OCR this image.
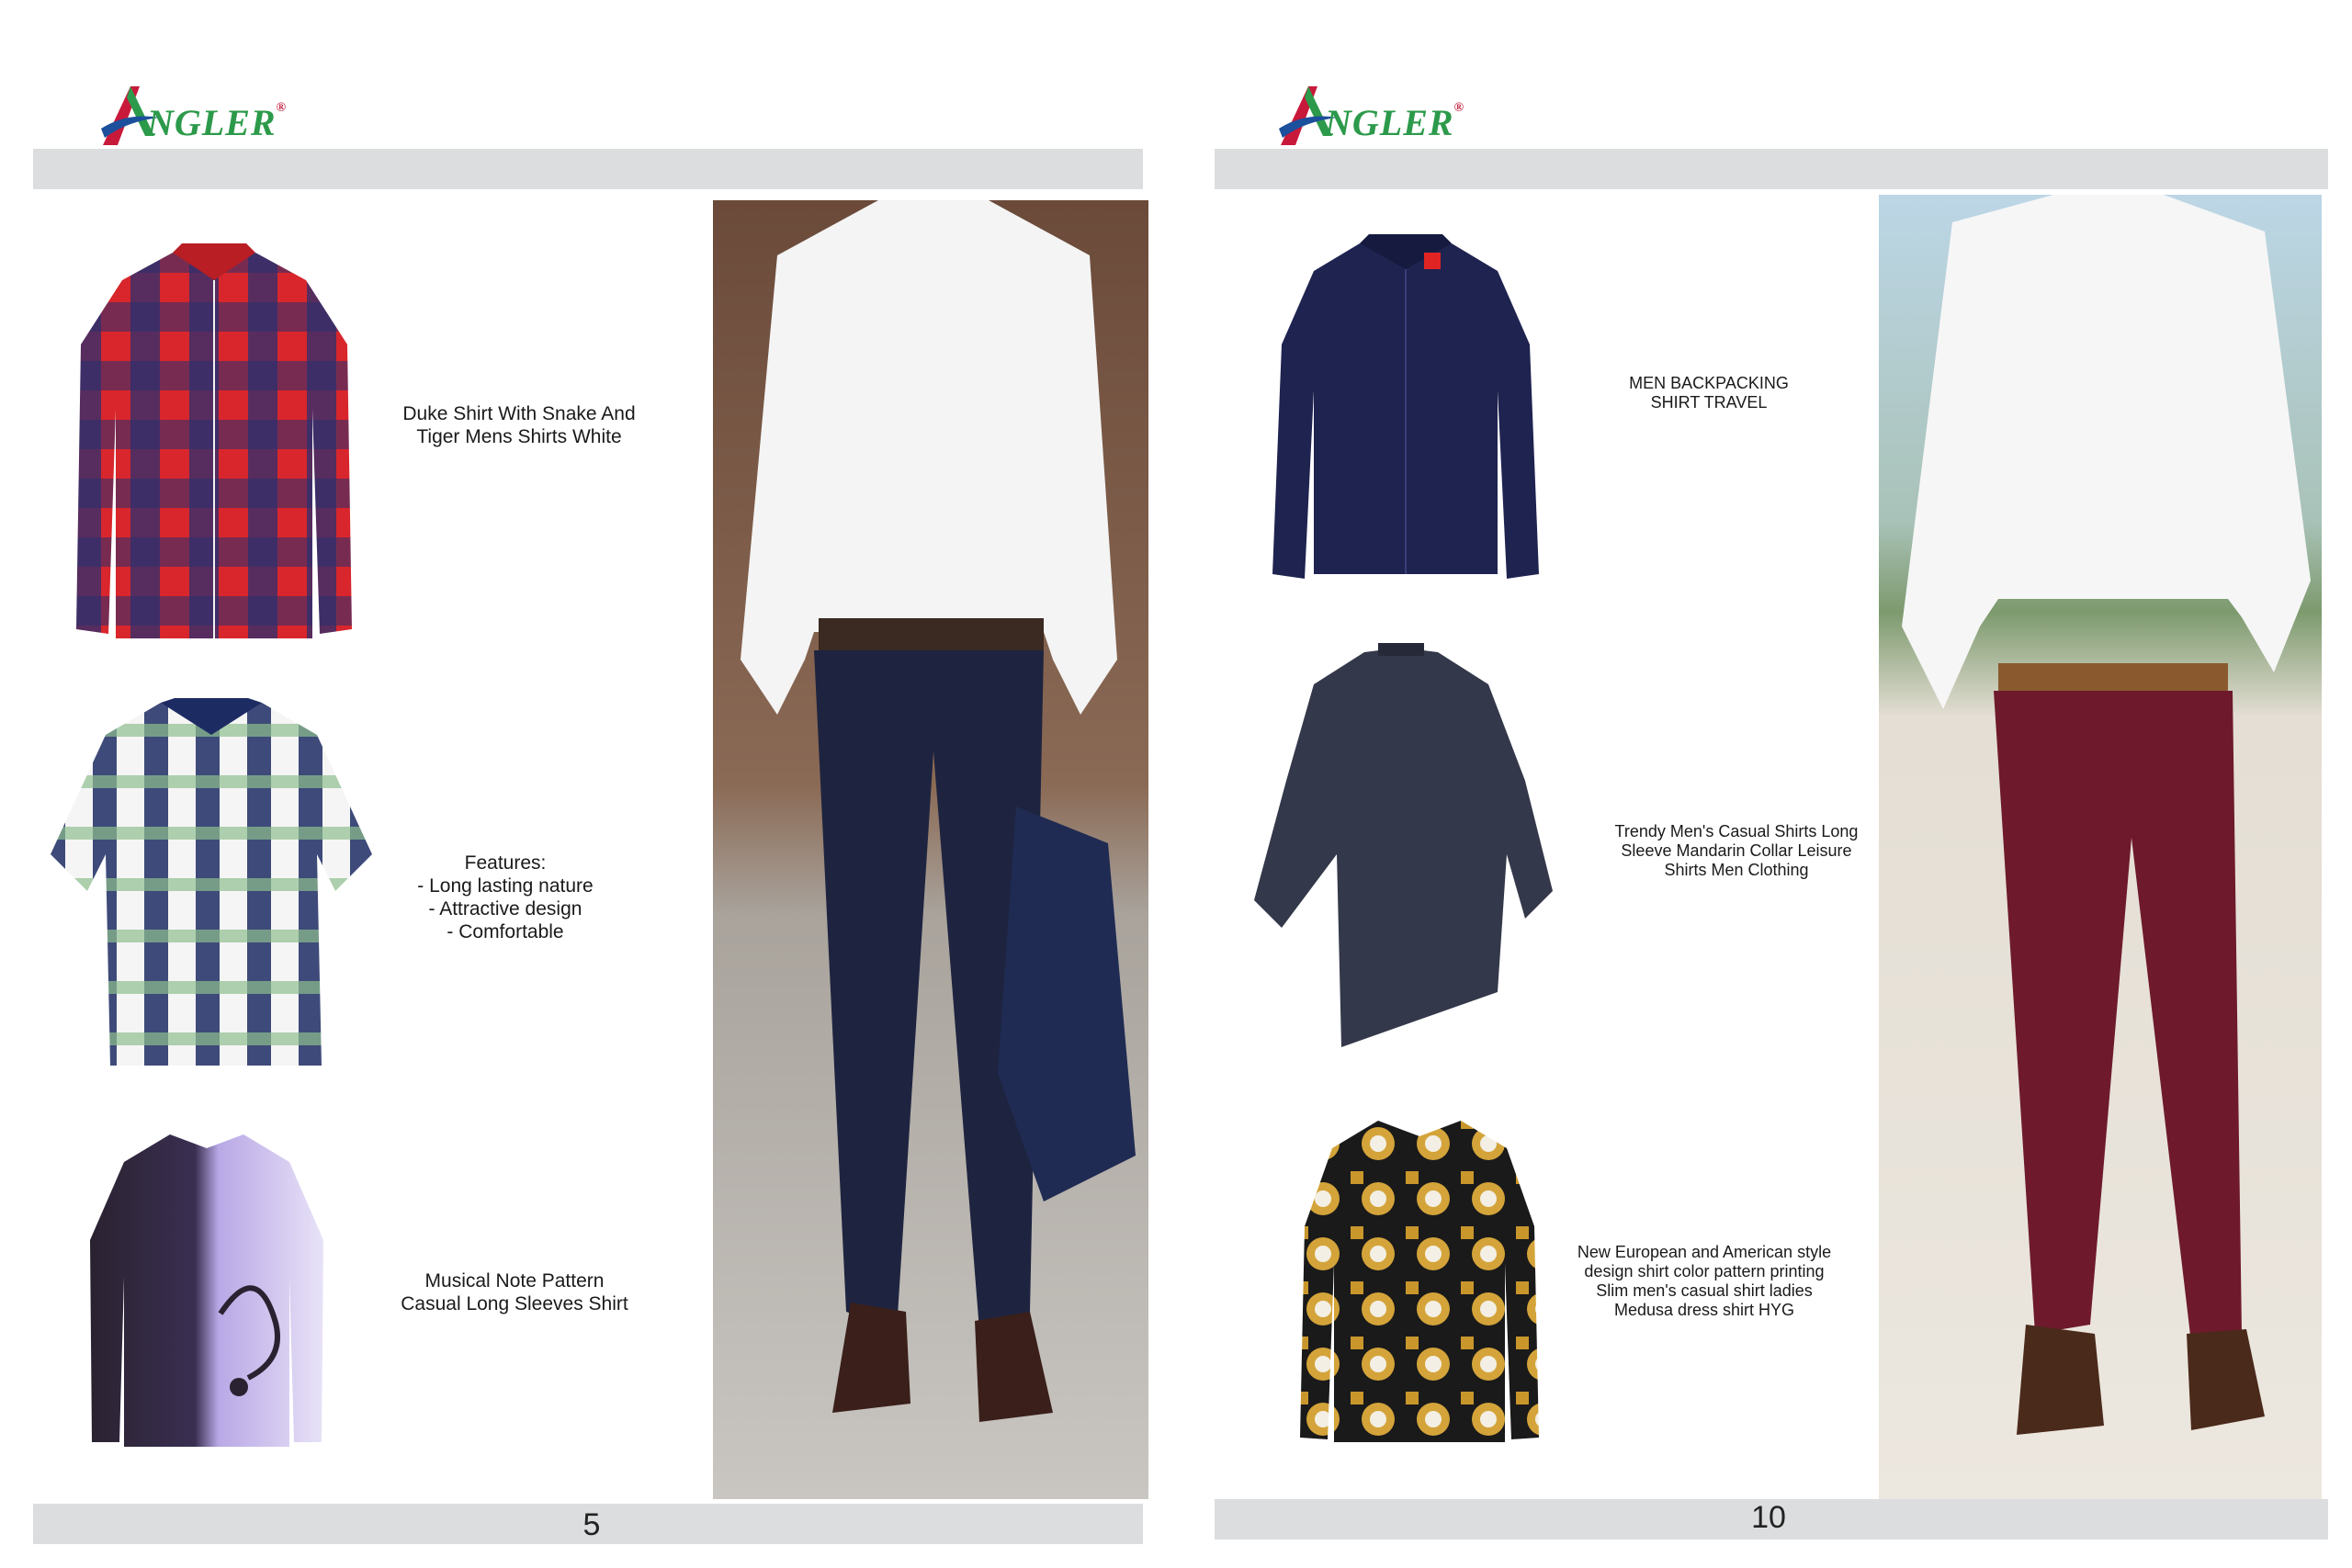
NGLER®
Duke Shirt With Snake And
Tiger Mens Shirts White
Features:
- Long lasting nature
- Attractive design
- Comfortable
Musical Note Pattern
Casual Long Sleeves Shirt
5
NGLER®
MEN BACKPACKING
SHIRT TRAVEL
Trendy Men's Casual Shirts Long
Sleeve Mandarin Collar Leisure
Shirts Men Clothing
New European and American style
design shirt color pattern printing
Slim men's casual shirt ladies
Medusa dress shirt HYG
10
